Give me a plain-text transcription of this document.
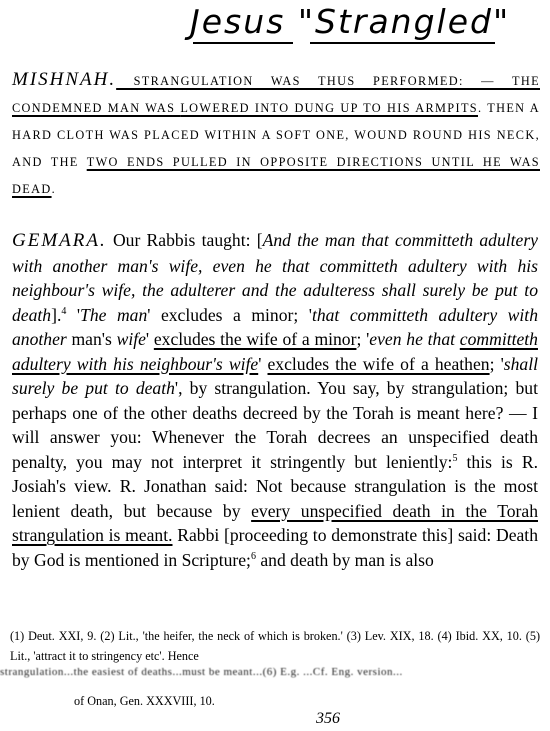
Jesus "Strangled"
MISHNAH. STRANGULATION WAS THUS PERFORMED: — THE CONDEMNED MAN WAS LOWERED INTO DUNG UP TO HIS ARMPITS. THEN A HARD CLOTH WAS PLACED WITHIN A SOFT ONE, WOUND ROUND HIS NECK, AND THE TWO ENDS PULLED IN OPPOSITE DIRECTIONS UNTIL HE WAS DEAD.
GEMARA. Our Rabbis taught: [And the man that committeth adultery with another man's wife, even he that committeth adultery with his neighbour's wife, the adulterer and the adulteress shall surely be put to death].$^4$ 'The man' excludes a minor; 'that committeth adultery with another man's wife' excludes the wife of a minor; 'even he that committeth adultery with his neighbour's wife' excludes the wife of a heathen; 'shall surely be put to death', by strangulation. You say, by strangulation; but perhaps one of the other deaths decreed by the Torah is meant here? — I will answer you: Whenever the Torah decrees an unspecified death penalty, you may not interpret it stringently but leniently:$^5$ this is R. Josiah's view. R. Jonathan said: Not because strangulation is the most lenient death, but because by every unspecified death in the Torah strangulation is meant. Rabbi [proceeding to demonstrate this] said: Death by God is mentioned in Scripture;$^6$ and death by man is also
(1) Deut. XXI, 9. (2) Lit., 'the heifer, the neck of which is broken.' (3) Lev. XIX, 18. (4) Ibid. XX, 10. (5) Lit., 'attract it to stringency etc'. Hence
strangulation...the easiest of deaths...must be meant...(6) E.g. ...Cf. Eng. version...
of Onan, Gen. XXXVIII, 10.
356
